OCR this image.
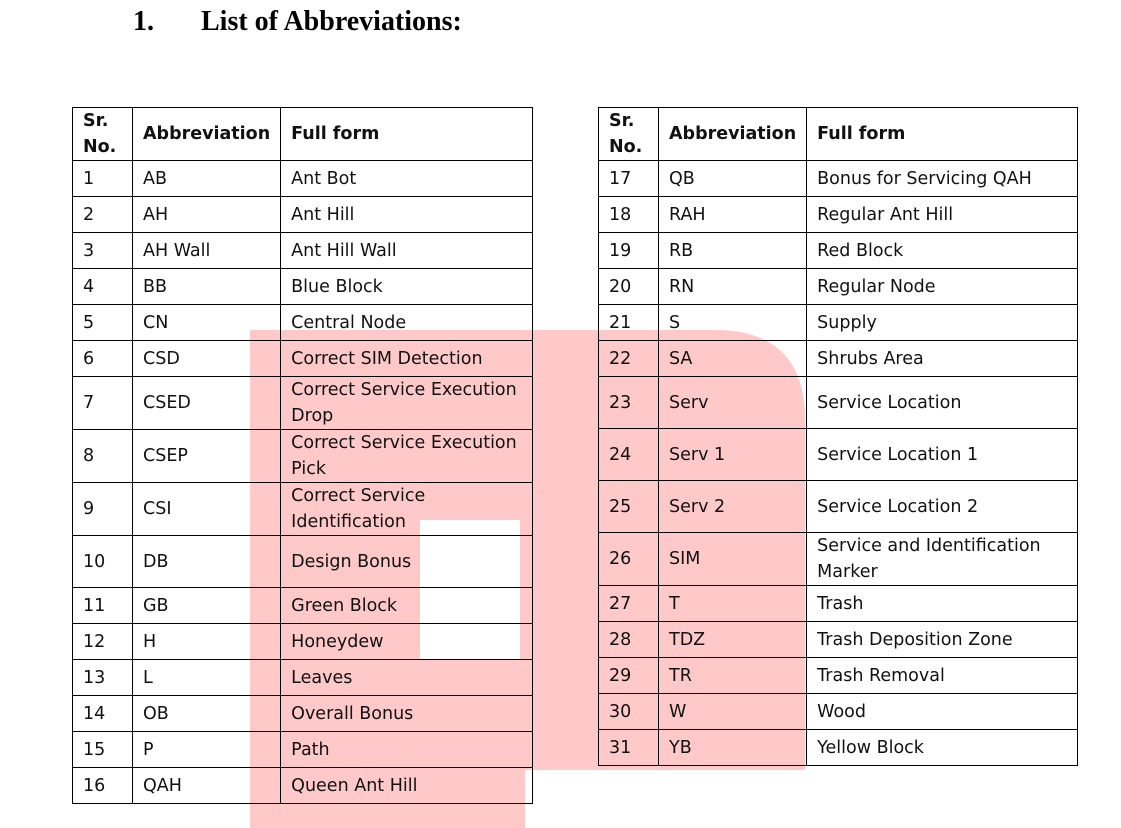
1.	List of Abbreviations:
Sr. No.	Abbreviation	Full form
1	AB	Ant Bot
2	AH	Ant Hill
3	AH Wall	Ant Hill Wall
4	BB	Blue Block
5	CN	Central Node
6	CSD	Correct SIM Detection
7	CSED	Correct Service Execution Drop
8	CSEP	Correct Service Execution Pick
9	CSI	Correct Service Identification
10	DB	Design Bonus
11	GB	Green Block
12	H	Honeydew
13	L	Leaves
14	OB	Overall Bonus
15	P	Path
16	QAH	Queen Ant Hill
Sr. No.	Abbreviation	Full form
17	QB	Bonus for Servicing QAH
18	RAH	Regular Ant Hill
19	RB	Red Block
20	RN	Regular Node
21	S	Supply
22	SA	Shrubs Area
23	Serv	Service Location
24	Serv 1	Service Location 1
25	Serv 2	Service Location 2
26	SIM	Service and Identification Marker
27	T	Trash
28	TDZ	Trash Deposition Zone
29	TR	Trash Removal
30	W	Wood
31	YB	Yellow Block
